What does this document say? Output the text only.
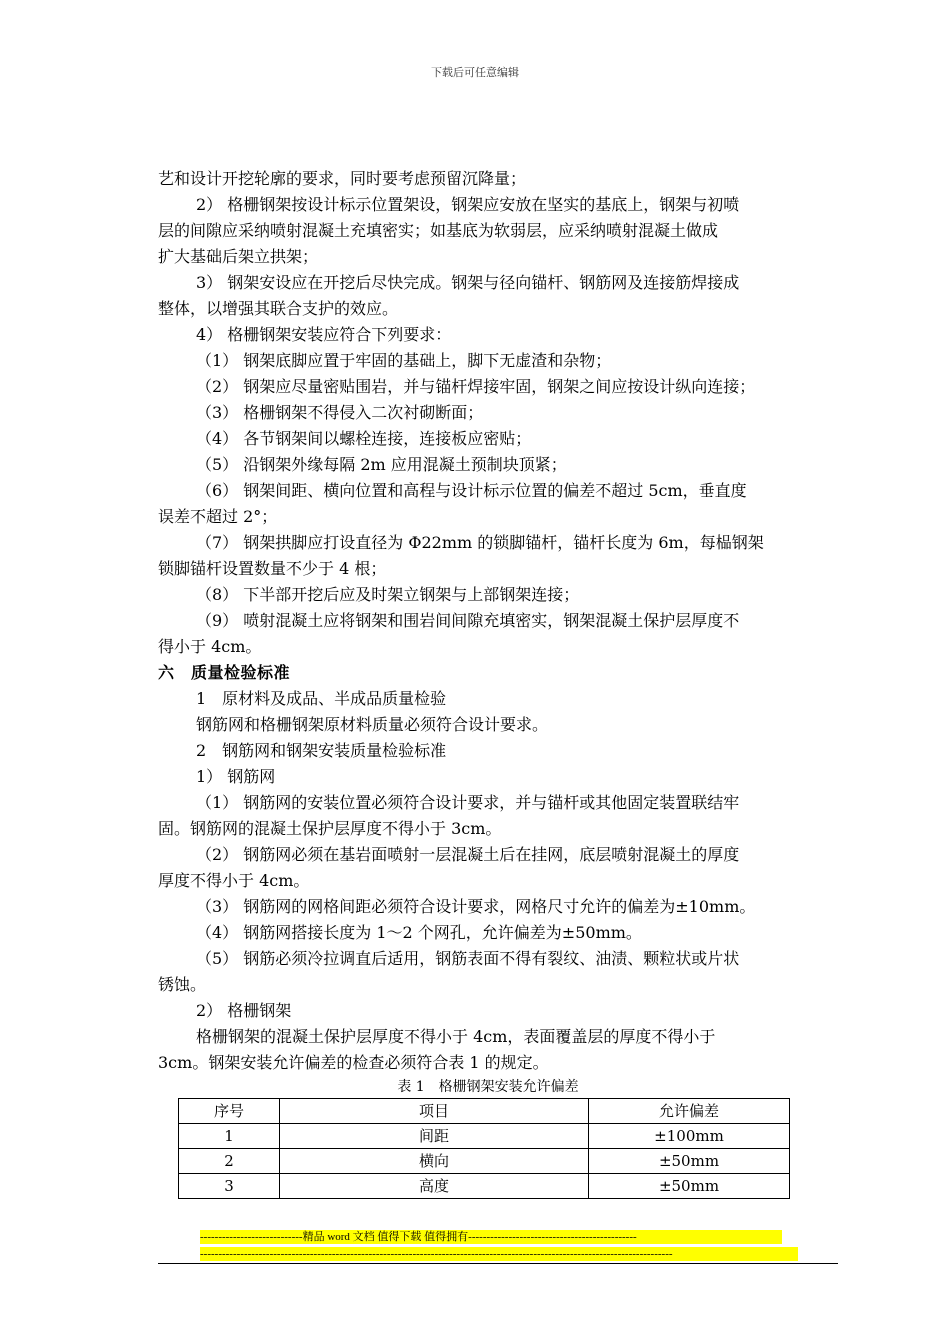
下载后可任意编辑

艺和设计开挖轮廓的要求，同时要考虑预留沉降量；

2） 格栅钢架按设计标示位置架设，钢架应安放在坚实的基底上，钢架与初喷

层的间隙应采纳喷射混凝土充填密实；如基底为软弱层，应采纳喷射混凝土做成

扩大基础后架立拱架；

3） 钢架安设应在开挖后尽快完成。钢架与径向锚杆、钢筋网及连接筋焊接成

整体，以增强其联合支护的效应。

4） 格栅钢架安装应符合下列要求：

（1） 钢架底脚应置于牢固的基础上，脚下无虚渣和杂物；

（2） 钢架应尽量密贴围岩，并与锚杆焊接牢固，钢架之间应按设计纵向连接；

（3） 格栅钢架不得侵入二次衬砌断面；

（4） 各节钢架间以螺栓连接，连接板应密贴；

（5） 沿钢架外缘每隔 2m 应用混凝土预制块顶紧；

（6） 钢架间距、横向位置和高程与设计标示位置的偏差不超过 5cm，垂直度

误差不超过 2°；

（7） 钢架拱脚应打设直径为 Φ22mm 的锁脚锚杆，锚杆长度为 6m，每榀钢架

锁脚锚杆设置数量不少于 4 根；

（8） 下半部开挖后应及时架立钢架与上部钢架连接；

（9） 喷射混凝土应将钢架和围岩间间隙充填密实，钢架混凝土保护层厚度不

得小于 4cm。

六　质量检验标准

1　原材料及成品、半成品质量检验

钢筋网和格栅钢架原材料质量必须符合设计要求。

2　钢筋网和钢架安装质量检验标准

1） 钢筋网

（1） 钢筋网的安装位置必须符合设计要求，并与锚杆或其他固定装置联结牢

固。钢筋网的混凝土保护层厚度不得小于 3cm。

（2） 钢筋网必须在基岩面喷射一层混凝土后在挂网，底层喷射混凝土的厚度

厚度不得小于 4cm。

（3） 钢筋网的网格间距必须符合设计要求，网格尺寸允许的偏差为±10mm。

（4） 钢筋网搭接长度为 1～2 个网孔，允许偏差为±50mm。

（5） 钢筋必须冷拉调直后适用，钢筋表面不得有裂纹、油渍、颗粒状或片状

锈蚀。

2） 格栅钢架

格栅钢架的混凝土保护层厚度不得小于 4cm，表面覆盖层的厚度不得小于

3cm。钢架安装允许偏差的检查必须符合表 1 的规定。

表 1　格栅钢架安装允许偏差

序号	项目	允许偏差
1	间距	±100mm
2	横向	±50mm
3	高度	±50mm
----------------------------精品 word 文档 值得下载 值得拥有----------------------------------------------
---------------------------------------------------------------------------------------------------------------------------------
